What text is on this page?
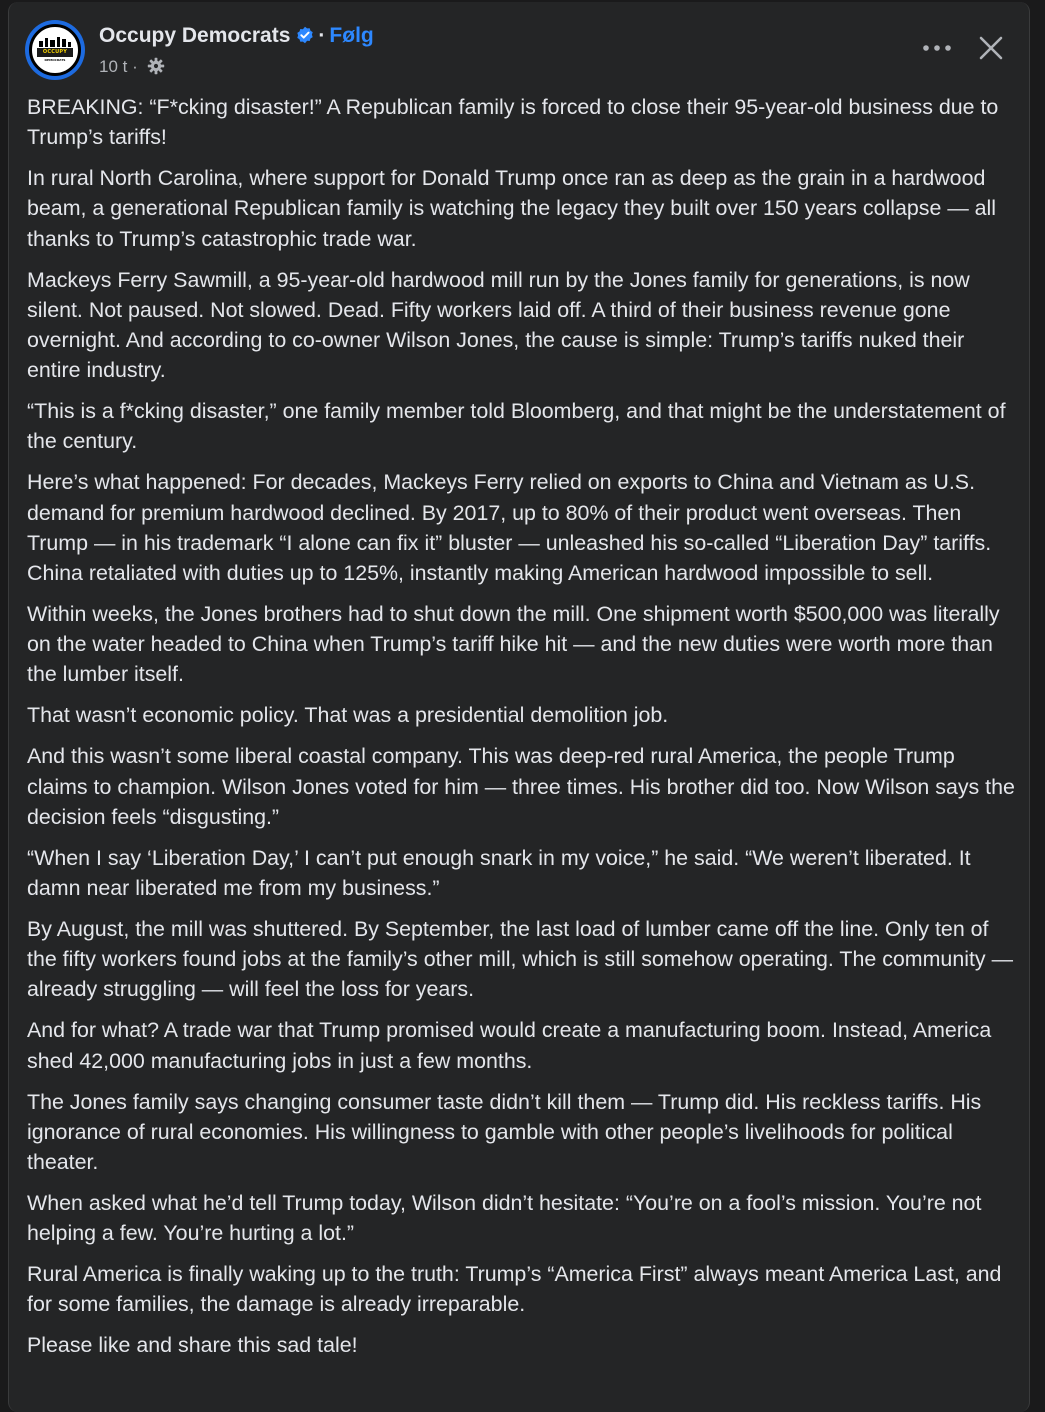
OCCUPY
DEMOCRATS
Occupy Democrats · Følg
10 t ·

BREAKING: “F*cking disaster!” A Republican family is forced to close their 95-year-old business due to Trump’s tariffs!

In rural North Carolina, where support for Donald Trump once ran as deep as the grain in a hardwood beam, a generational Republican family is watching the legacy they built over 150 years collapse — all thanks to Trump’s catastrophic trade war.

Mackeys Ferry Sawmill, a 95-year-old hardwood mill run by the Jones family for generations, is now silent. Not paused. Not slowed. Dead. Fifty workers laid off. A third of their business revenue gone overnight. And according to co-owner Wilson Jones, the cause is simple: Trump’s tariffs nuked their entire industry.

“This is a f*cking disaster,” one family member told Bloomberg, and that might be the understatement of the century.

Here’s what happened: For decades, Mackeys Ferry relied on exports to China and Vietnam as U.S. demand for premium hardwood declined. By 2017, up to 80% of their product went overseas. Then Trump — in his trademark “I alone can fix it” bluster — unleashed his so-called “Liberation Day” tariffs. China retaliated with duties up to 125%, instantly making American hardwood impossible to sell.

Within weeks, the Jones brothers had to shut down the mill. One shipment worth $500,000 was literally on the water headed to China when Trump’s tariff hike hit — and the new duties were worth more than the lumber itself.

That wasn’t economic policy. That was a presidential demolition job.

And this wasn’t some liberal coastal company. This was deep-red rural America, the people Trump claims to champion. Wilson Jones voted for him — three times. His brother did too. Now Wilson says the decision feels “disgusting.”

“When I say ‘Liberation Day,’ I can’t put enough snark in my voice,” he said. “We weren’t liberated. It damn near liberated me from my business.”

By August, the mill was shuttered. By September, the last load of lumber came off the line. Only ten of the fifty workers found jobs at the family’s other mill, which is still somehow operating. The community — already struggling — will feel the loss for years.

And for what? A trade war that Trump promised would create a manufacturing boom. Instead, America shed 42,000 manufacturing jobs in just a few months.

The Jones family says changing consumer taste didn’t kill them — Trump did. His reckless tariffs. His ignorance of rural economies. His willingness to gamble with other people’s livelihoods for political theater.

When asked what he’d tell Trump today, Wilson didn’t hesitate: “You’re on a fool’s mission. You’re not helping a few. You’re hurting a lot.”

Rural America is finally waking up to the truth: Trump’s “America First” always meant America Last, and for some families, the damage is already irreparable.

Please like and share this sad tale!
